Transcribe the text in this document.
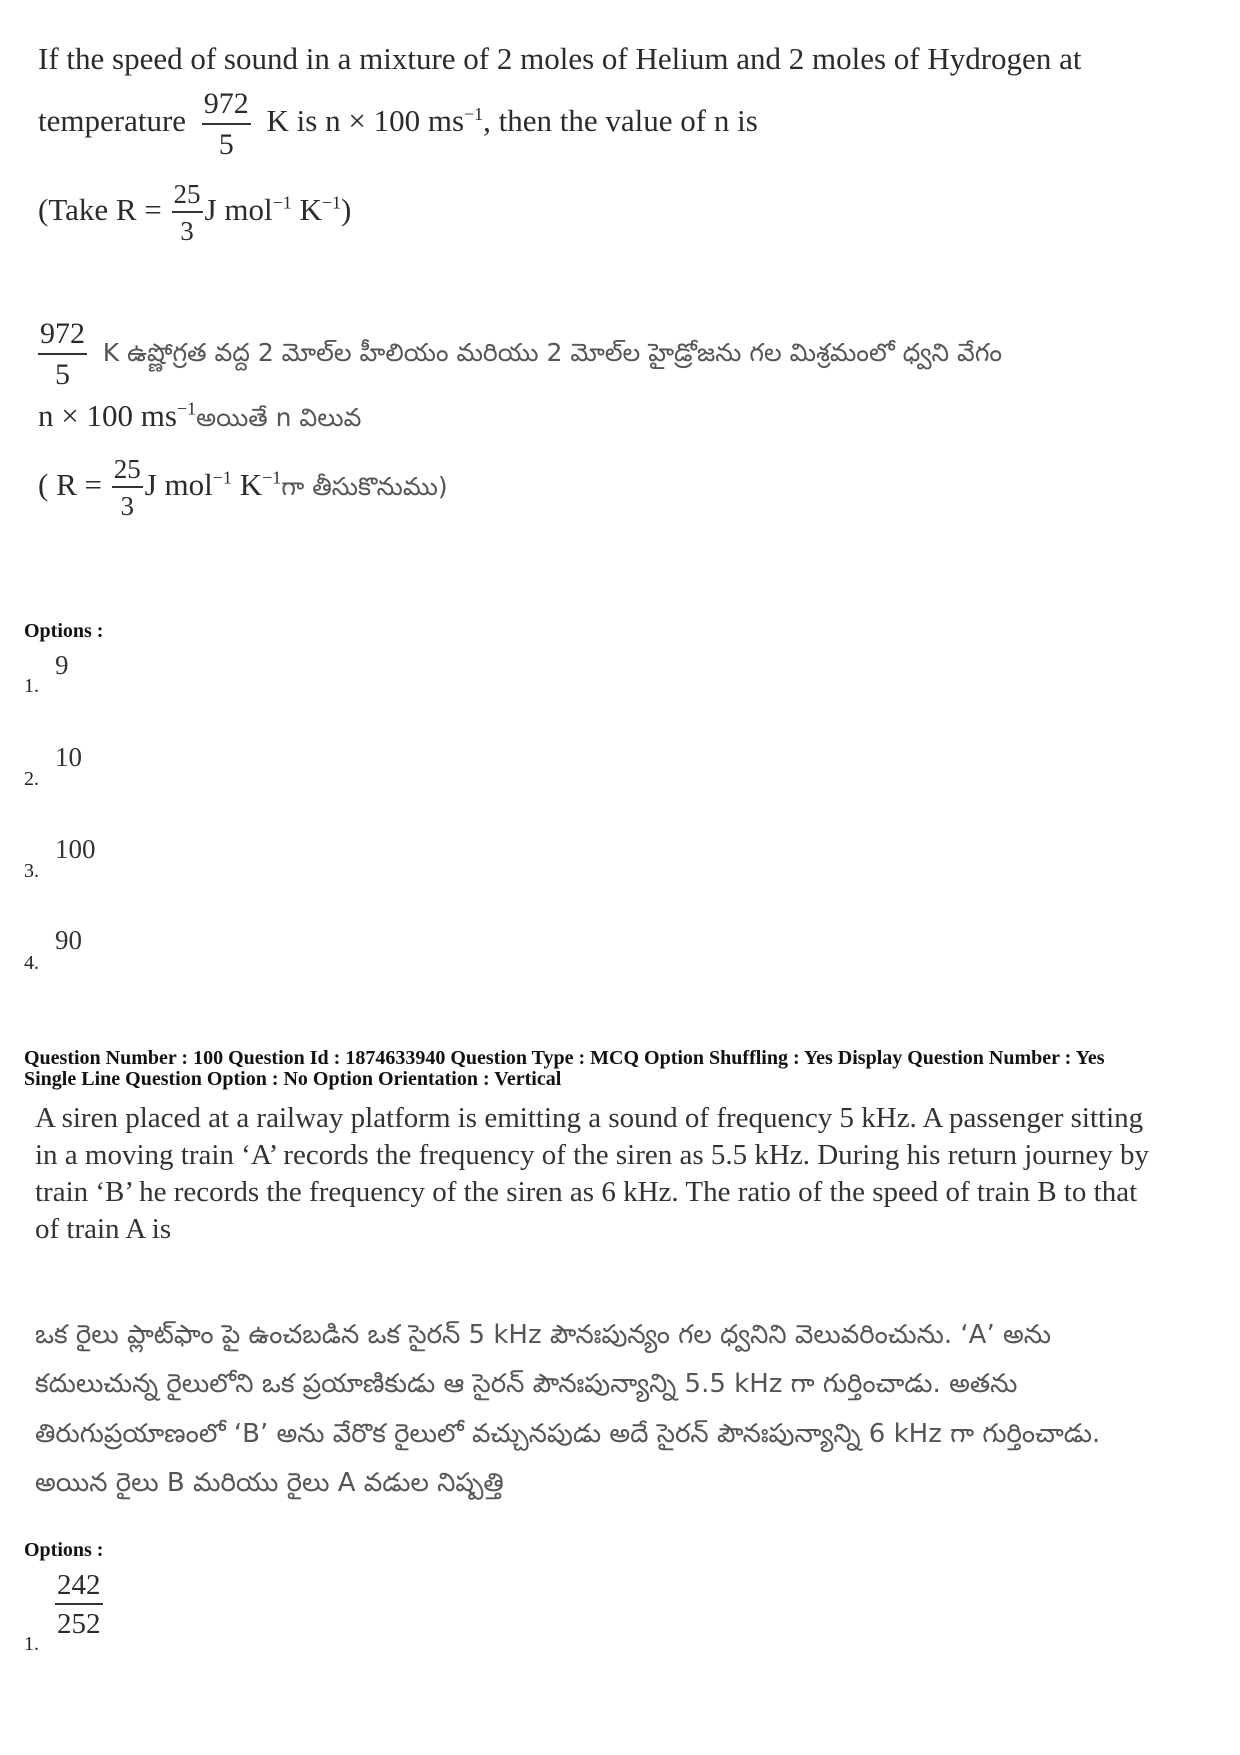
If the speed of sound in a mixture of 2 moles of Helium and 2 moles of Hydrogen at
temperature $\frac{972}{5}$ K is n × 100 $ms^{-1}$, then the value of n is
(Take $R = \frac{25}{3}$ J mol$^{-1}$ $K^{-1}$)
$\frac{972}{5}$ K ఉష్ణోగ్రత వద్ద 2 మోల్‌ల హీలియం మరియు 2 మోల్‌ల హైడ్రోజను గల మిశ్రమంలో ధ్వని వేగం
n × 100 $ms^{-1}అయితే$ n విలువ
( $R = \frac{25}{3}$ J mol$^{-1}$ $K^{-1}గా$ తీసుకొనుము)
Options :
9
1.
10
2.
100
3.
90
4.
Question Number : 100 Question Id : 1874633940 Question Type : MCQ Option Shuffling : Yes Display Question Number : Yes
Single Line Question Option : No Option Orientation : Vertical
A siren placed at a railway platform is emitting a sound of frequency 5 kHz. A passenger sitting in a moving train ‘A’ records the frequency of the siren as 5.5 kHz. During his return journey by train ‘B’ he records the frequency of the siren as 6 kHz. The ratio of the speed of train B to that of train A is
ఒక రైలు ప్లాట్‌ఫాం పై ఉంచబడిన ఒక సైరన్ 5 kHz పౌనఃపున్యం గల ధ్వనిని వెలువరించును. ‘A’ అను కదులుచున్న రైలులోని ఒక ప్రయాణికుడు ఆ సైరన్ పౌనఃపున్యాన్ని 5.5 kHz గా గుర్తించాడు. అతను తిరుగుప్రయాణంలో ‘B’ అను వేరొక రైలులో వచ్చునపుడు అదే సైరన్ పౌనఃపున్యాన్ని 6 kHz గా గుర్తించాడు. అయిన రైలు B మరియు రైలు A వడుల నిష్పత్తి
Options :
$\frac{242}{252}$
1.
